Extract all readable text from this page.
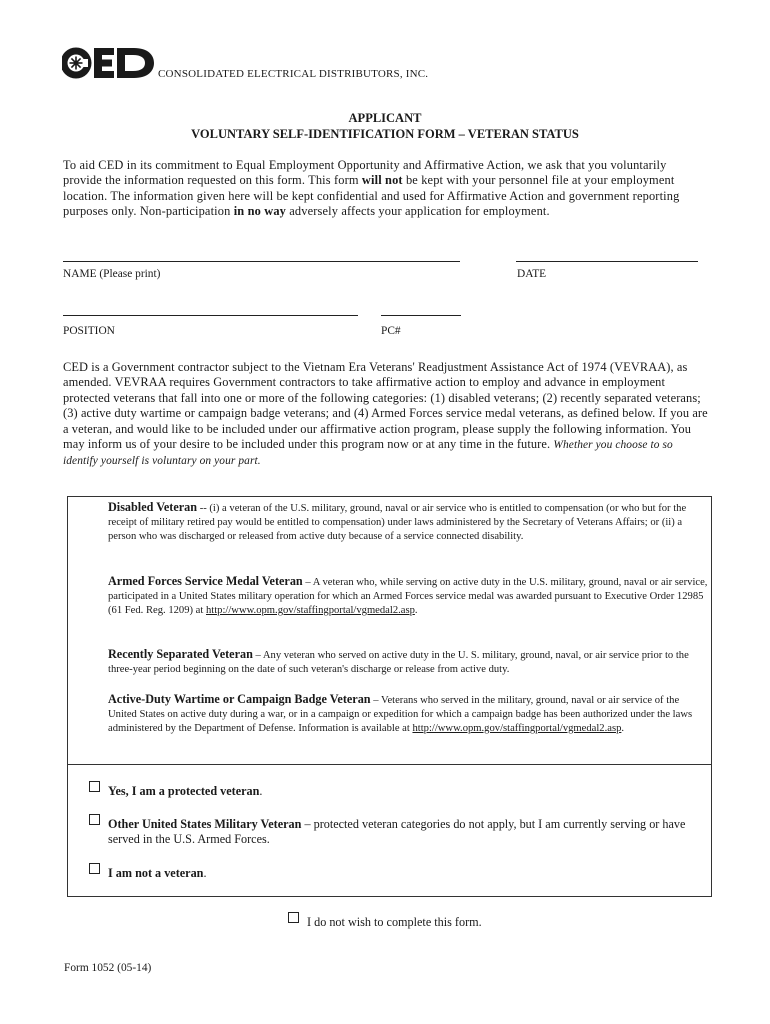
CONSOLIDATED ELECTRICAL DISTRIBUTORS, INC.
APPLICANT
VOLUNTARY SELF-IDENTIFICATION FORM – VETERAN STATUS
To aid CED in its commitment to Equal Employment Opportunity and Affirmative Action, we ask that you voluntarily provide the information requested on this form. This form will not be kept with your personnel file at your employment location. The information given here will be kept confidential and used for Affirmative Action and government reporting purposes only. Non-participation in no way adversely affects your application for employment.
NAME (Please print)	DATE
POSITION	PC#
CED is a Government contractor subject to the Vietnam Era Veterans' Readjustment Assistance Act of 1974 (VEVRAA), as amended. VEVRAA requires Government contractors to take affirmative action to employ and advance in employment protected veterans that fall into one or more of the following categories: (1) disabled veterans; (2) recently separated veterans; (3) active duty wartime or campaign badge veterans; and (4) Armed Forces service medal veterans, as defined below. If you are a veteran, and would like to be included under our affirmative action program, please supply the following information. You may inform us of your desire to be included under this program now or at any time in the future. Whether you choose to so identify yourself is voluntary on your part.
Disabled Veteran -- (i) a veteran of the U.S. military, ground, naval or air service who is entitled to compensation (or who but for the receipt of military retired pay would be entitled to compensation) under laws administered by the Secretary of Veterans Affairs; or (ii) a person who was discharged or released from active duty because of a service connected disability.
Armed Forces Service Medal Veteran – A veteran who, while serving on active duty in the U.S. military, ground, naval or air service, participated in a United States military operation for which an Armed Forces service medal was awarded pursuant to Executive Order 12985 (61 Fed. Reg. 1209) at http://www.opm.gov/staffingportal/vgmedal2.asp.
Recently Separated Veteran – Any veteran who served on active duty in the U. S. military, ground, naval, or air service prior to the three-year period beginning on the date of such veteran's discharge or release from active duty.
Active-Duty Wartime or Campaign Badge Veteran – Veterans who served in the military, ground, naval or air service of the United States on active duty during a war, or in a campaign or expedition for which a campaign badge has been authorized under the laws administered by the Department of Defense. Information is available at http://www.opm.gov/staffingportal/vgmedal2.asp.
Yes, I am a protected veteran.
Other United States Military Veteran – protected veteran categories do not apply, but I am currently serving or have served in the U.S. Armed Forces.
I am not a veteran.
I do not wish to complete this form.
Form 1052 (05-14)
